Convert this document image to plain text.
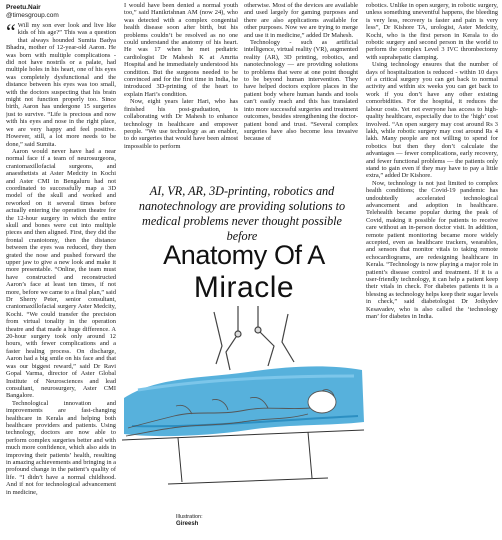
Preetu.Nair
@timesgroup.com

“ Will my son ever look and live like kids of his age?” This was a question that always hounded Sumita Badya Bhadra, mother of 12-year-old Aaron. He was born with multiple complications - did not have nostrils or a palate, had multiple holes in his heart, one of his eyes was completely dysfunctional and the distance between his eyes was too small, with the doctors suspecting that his brain might not function properly too. Since birth, Aaron has undergone 15 surgeries just to survive. “Life is precious and now with his eyes and nose in the right place, we are very happy and feel positive. However, still, a lot more needs to be done,” said Sumita.

Aaron would never have had a near normal face if a team of neurosurgeons, craniomaxillofacial surgeons, and anaesthetists at Aster Medcity in Kochi and Aster CMI in Bengaluru had not coordinated to successfully map a 3D model of the skull and worked and reworked on it several times before actually entering the operation theatre for the 12-hour surgery in which the entire skull and bones were cut into multiple pieces and then aligned. First, they did the frontal craniotomy, then the distance between the eyes was reduced, they then grated the nose and pushed forward the upper jaw to give a new look and make it more presentable. “Online, the team must have constructed and reconstructed Aaron’s face at least ten times, if not more, before we came to a final plan,” said Dr Sherry Peter, senior consultant, craniomaxillofacial surgery Aster Medcity, Kochi. “We could transfer the precision from virtual tonality in the operation theatre and that made a huge difference. A 20-hour surgery took only around 12 hours, with fewer complications and a faster healing process. On discharge, Aaron had a big smile on his face and that was our biggest reward,” said Dr Ravi Gopal Varma, director of Aster Global Institute of Neurosciences and lead consultant, neurosurgery, Aster CMI Bangalore.

Technological innovation and improvements are fast-changing healthcare in Kerala and helping both healthcare providers and patients. Using technology, doctors are now able to perform complex surgeries better and with much more confidence, which also aids in improving their patients’ health, resulting in amazing achievements and bringing in a profound change in the patient’s quality of life. “I didn’t have a normal childhood. And if not for technological advancement in medicine,

I would have been denied a normal youth too,” said Hanikrishnan AM (now 24), who was detected with a complex congenital health disease soon after birth, but his problems couldn’t be resolved as no one could understand the anatomy of his heart. He was 17 when he met pediatric cardiologist Dr Mahesh K at Amrita Hospital and he immediately understood his condition. But the surgeons needed to be convinced and for the first time in India, he introduced 3D-printing of the heart to explain Hari’s condition.

Now, eight years later Hari, who has finished his post-graduation, is collaborating with Dr Mahesh to enhance technology in healthcare and empower people. “We use technology as an enabler, to do surgeries that would have been almost impossible to perform

otherwise. Most of the devices are available and used largely for gaming purposes and there are also applications available for other purposes. Now we are trying to merge and use it in medicine,” added Dr Mahesh.

Technology - such as artificial intelligence, virtual reality (VR), augmented reality (AR), 3D printing, robotics, and nanotechnology — are providing solutions to problems that were at one point thought to be beyond human intervention. They have helped doctors explore places in the patient body where human hands and tools can’t easily reach and this has translated into more successful surgeries and treatment outcomes, besides strengthening the doctor-patient bond and trust. “Several complex surgeries have also become less invasive because of

robotics. Unlike in open surgery, in robotic surgery, unless something uneventful happens, the bleeding is very less, recovery is faster and pain is very less”, Dr Kishore TA, urologist, Aster Medcity, Kochi, who is the first person in Kerala to do robotic surgery and second person in the world to perform the complex Level 3 IVC thrombectomy with suprahepatic clamping.

Using technology ensures that the number of days of hospitalization is reduced - within 10 days of a critical surgery you can get back to normal activity and within six weeks you can get back to work if you don’t have any other existing comorbidities. For the hospital, it reduces the labour costs. Yet not everyone has access to high-quality healthcare, especially due to the ‘high’ cost involved. “An open surgery may cost around Rs 3 lakh, while robotic surgery may cost around Rs 4 lakh. Many people are not willing to spend for robotics but then they don’t calculate the advantages — fewer complications, early recovery, and fewer functional problems — the patients only stand to gain even if they may have to pay a little extra,” added Dr Kishore.

Now, technology is not just limited to complex health conditions; the Covid-19 pandemic has undoubtedly accelerated technological advancement and adoption in healthcare. Telehealth became popular during the peak of Covid, making it possible for patients to receive care without an in-person doctor visit. In addition, remote patient monitoring became more widely accepted, even as healthcare trackers, wearables, and sensors that monitor vitals to taking remote echocardiograms, are redesigning healthcare in Kerala. “Technology is now playing a major role in patient’s disease control and treatment. If it is a user-friendly technology, it can help a patient keep their vitals in check. For diabetes patients it is a blessing as technology helps keep their sugar levels in check,” said diabetologist Dr Jothydev Kesavadev, who is also called the ‘technology man’ for diabetes in India.

AI, VR, AR, 3D-printing, robotics and nanotechnology are providing solutions to medical problems never thought possible before
Anatomy Of A
Miracle
Illustration:
Gireesh
